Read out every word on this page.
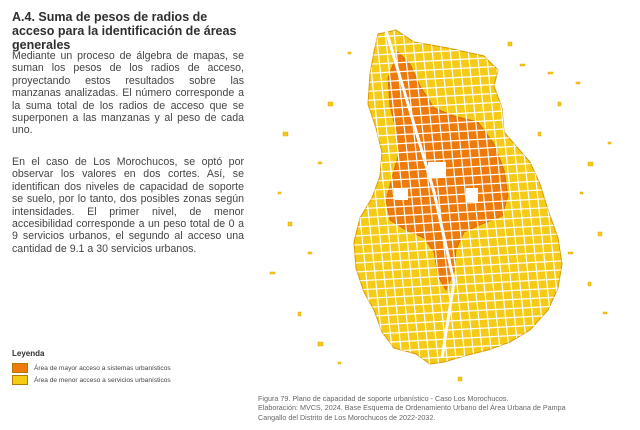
A.4. Suma de pesos de radios de acceso para la identificación de áreas generales

Mediante un proceso de álgebra de mapas, se suman los pesos de los radios de acceso, proyectando estos resultados sobre las manzanas analizadas. El número corresponde a la suma total de los radios de acceso que se superponen a las manzanas y al peso de cada uno.

En el caso de Los Morochucos, se optó por observar los valores en dos cortes. Así, se identifican dos niveles de capacidad de soporte se suelo, por lo tanto, dos posibles zonas según intensidades. El primer nivel, de menor accesibilidad corresponde a un peso total de 0 a 9 servicios urbanos, el segundo al acceso una cantidad de 9.1 a 30 servicios urbanos.

Leyenda
Área de mayor acceso a sistemas urbanísticos
Área de menor acceso a servicios urbanísticos

Figura 79. Plano de capacidad de soporte urbanístico - Caso Los Morochucos.

Elaboración: MVCS, 2024. Base Esquema de Ordenamiento Urbano del Área Urbana de Pampa

Cangallo del Distrito de Los Morochucos de 2022-2032.
